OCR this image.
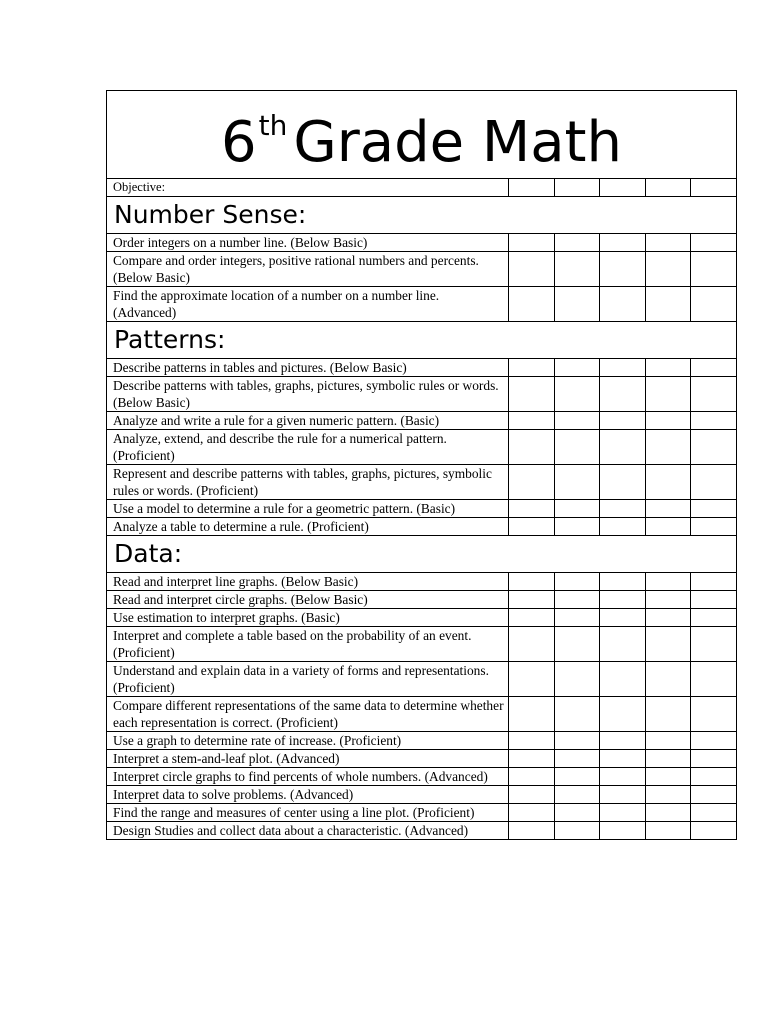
6th Grade Math					
Objective:					
Number Sense:					
Order integers on a number line. (Below Basic)					
Compare and order integers, positive rational numbers and percents. (Below Basic)					
Find the approximate location of a number on a number line. (Advanced)					
Patterns:					
Describe patterns in tables and pictures. (Below Basic)					
Describe patterns with tables, graphs, pictures, symbolic rules or words. (Below Basic)					
Analyze and write a rule for a given numeric pattern. (Basic)					
Analyze, extend, and describe the rule for a numerical pattern. (Proficient)					
Represent and describe patterns with tables, graphs, pictures, symbolic rules or words. (Proficient)					
Use a model to determine a rule for a geometric pattern. (Basic)					
Analyze a table to determine a rule. (Proficient)					
Data:					
Read and interpret line graphs. (Below Basic)					
Read and interpret circle graphs. (Below Basic)					
Use estimation to interpret graphs. (Basic)					
Interpret and complete a table based on the probability of an event. (Proficient)					
Understand and explain data in a variety of forms and representations. (Proficient)					
Compare different representations of the same data to determine whether each representation is correct. (Proficient)					
Use a graph to determine rate of increase. (Proficient)					
Interpret a stem-and-leaf plot. (Advanced)					
Interpret circle graphs to find percents of whole numbers. (Advanced)					
Interpret data to solve problems. (Advanced)					
Find the range and measures of center using a line plot. (Proficient)					
Design Studies and collect data about a characteristic. (Advanced)					
